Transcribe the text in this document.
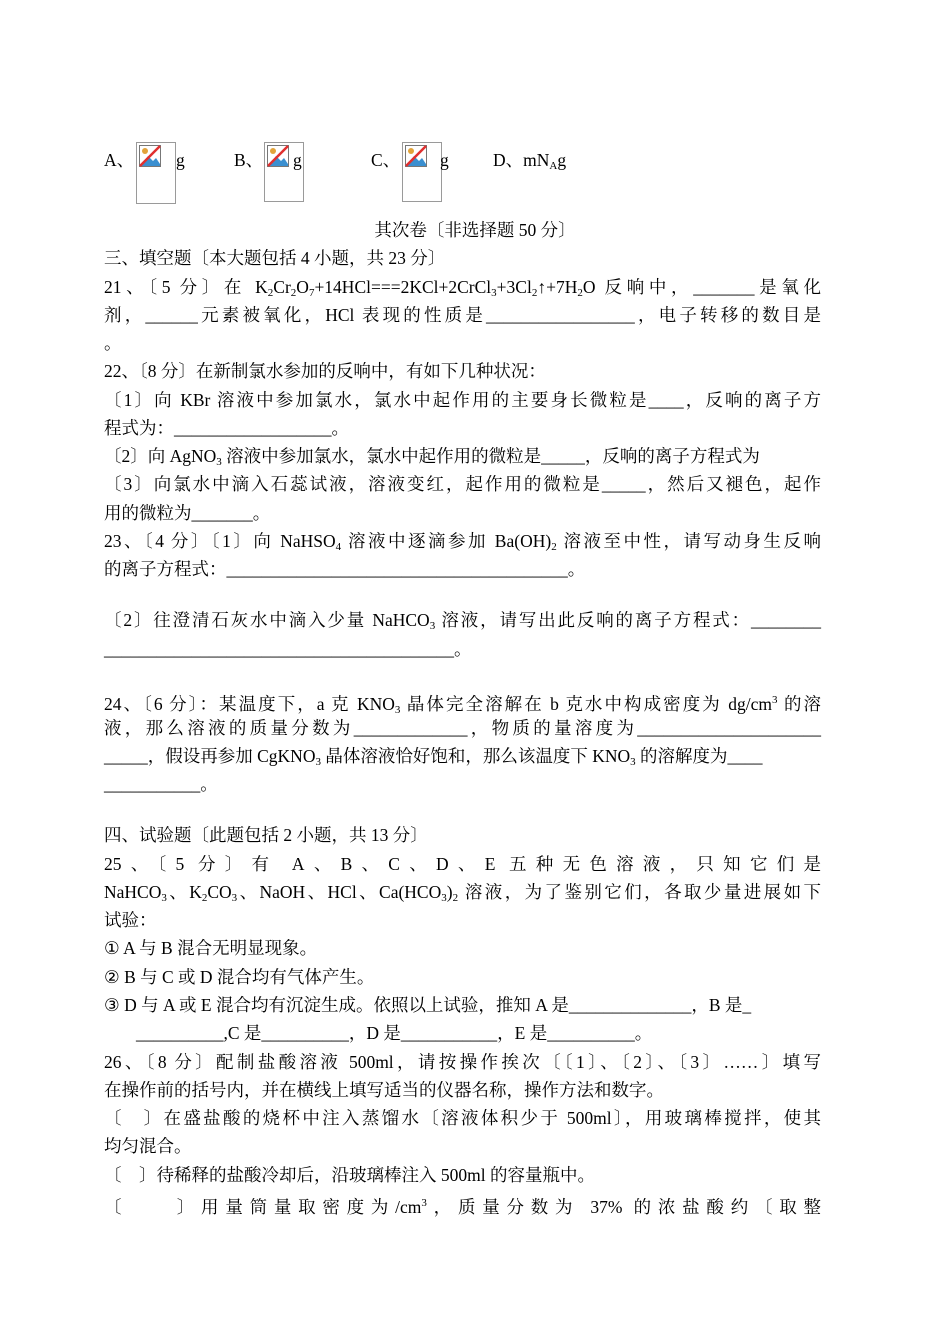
A、 g	B、 g	C、 g	D、$mN_Ag$
其次卷〔非选择题 50 分〕
三、填空题〔本大题包括 4 小题，共 23 分〕
21、〔5 分〕在 $K_2Cr_2O_7+14HCl===2KCl+2CrCl_3+3Cl_2↑+7H_2O$ 反响中，_______是氧化
剂，______元素被氧化，HCl 表现的性质是_________________，电子转移的数目是
。
22、〔8 分〕在新制氯水参加的反响中，有如下几种状况：
〔1〕向 KBr 溶液中参加氯水，氯水中起作用的主要身长微粒是____，反响的离子方
程式为：__________________。
〔2〕向 AgNO$_3$ 溶液中参加氯水，氯水中起作用的微粒是_____，反响的离子方程式为
〔3〕向氯水中滴入石蕊试液，溶液变红，起作用的微粒是_____，然后又褪色，起作
用的微粒为_______。
23、〔4 分〕〔1〕向 NaHSO$_4$ 溶液中逐滴参加 $Ba(OH)_2$ 溶液至中性，请写动身生反响
的离子方程式：_______________________________________。
〔2〕往澄清石灰水中滴入少量 NaHCO$_3$ 溶液，请写出此反响的离子方程式：________
________________________________________。
24、〔6 分〕：某温度下，a 克 $KNO_3$ 晶体完全溶解在 b 克水中构成密度为 $dg/cm^3$ 的溶
液，那么溶液的质量分数为_____________，物质的量溶度为_____________________
_____，假设再参加 CgKNO$_3$ 晶体溶液恰好饱和，那么该温度下 $KNO_3$ 的溶解度为____
___________。
四、试验题〔此题包括 2 小题，共 13 分〕
25、〔5 分〕有 A、B、C、D、E 五种无色溶液，只知它们是
NaHCO$_3$、$K_2CO_3$、NaOH、HCl、$Ca(HCO_3)_2$ 溶液，为了鉴别它们，各取少量进展如下
试验：
① A 与 B 混合无明显现象。
② B 与 C 或 D 混合均有气体产生。
③ D 与 A 或 E 混合均有沉淀生成。依照以上试验，推知 A 是______________，B 是_
__________,C 是__________，D 是___________，E 是__________。
26、〔8 分〕配制盐酸溶液 500ml，请按操作挨次〔〔1〕、〔2〕、〔3〕……〕填写
在操作前的括号内，并在横线上填写适当的仪器名称，操作方法和数字。
〔　〕在盛盐酸的烧杯中注入蒸馏水〔溶液体积少于 500ml〕，用玻璃棒搅拌，使其
均匀混合。
〔　〕待稀释的盐酸冷却后，沿玻璃棒注入 500ml 的容量瓶中。
〔　　〕用量筒量取密度为$/cm^3$，质量分数为 37% 的浓盐酸约〔取整
